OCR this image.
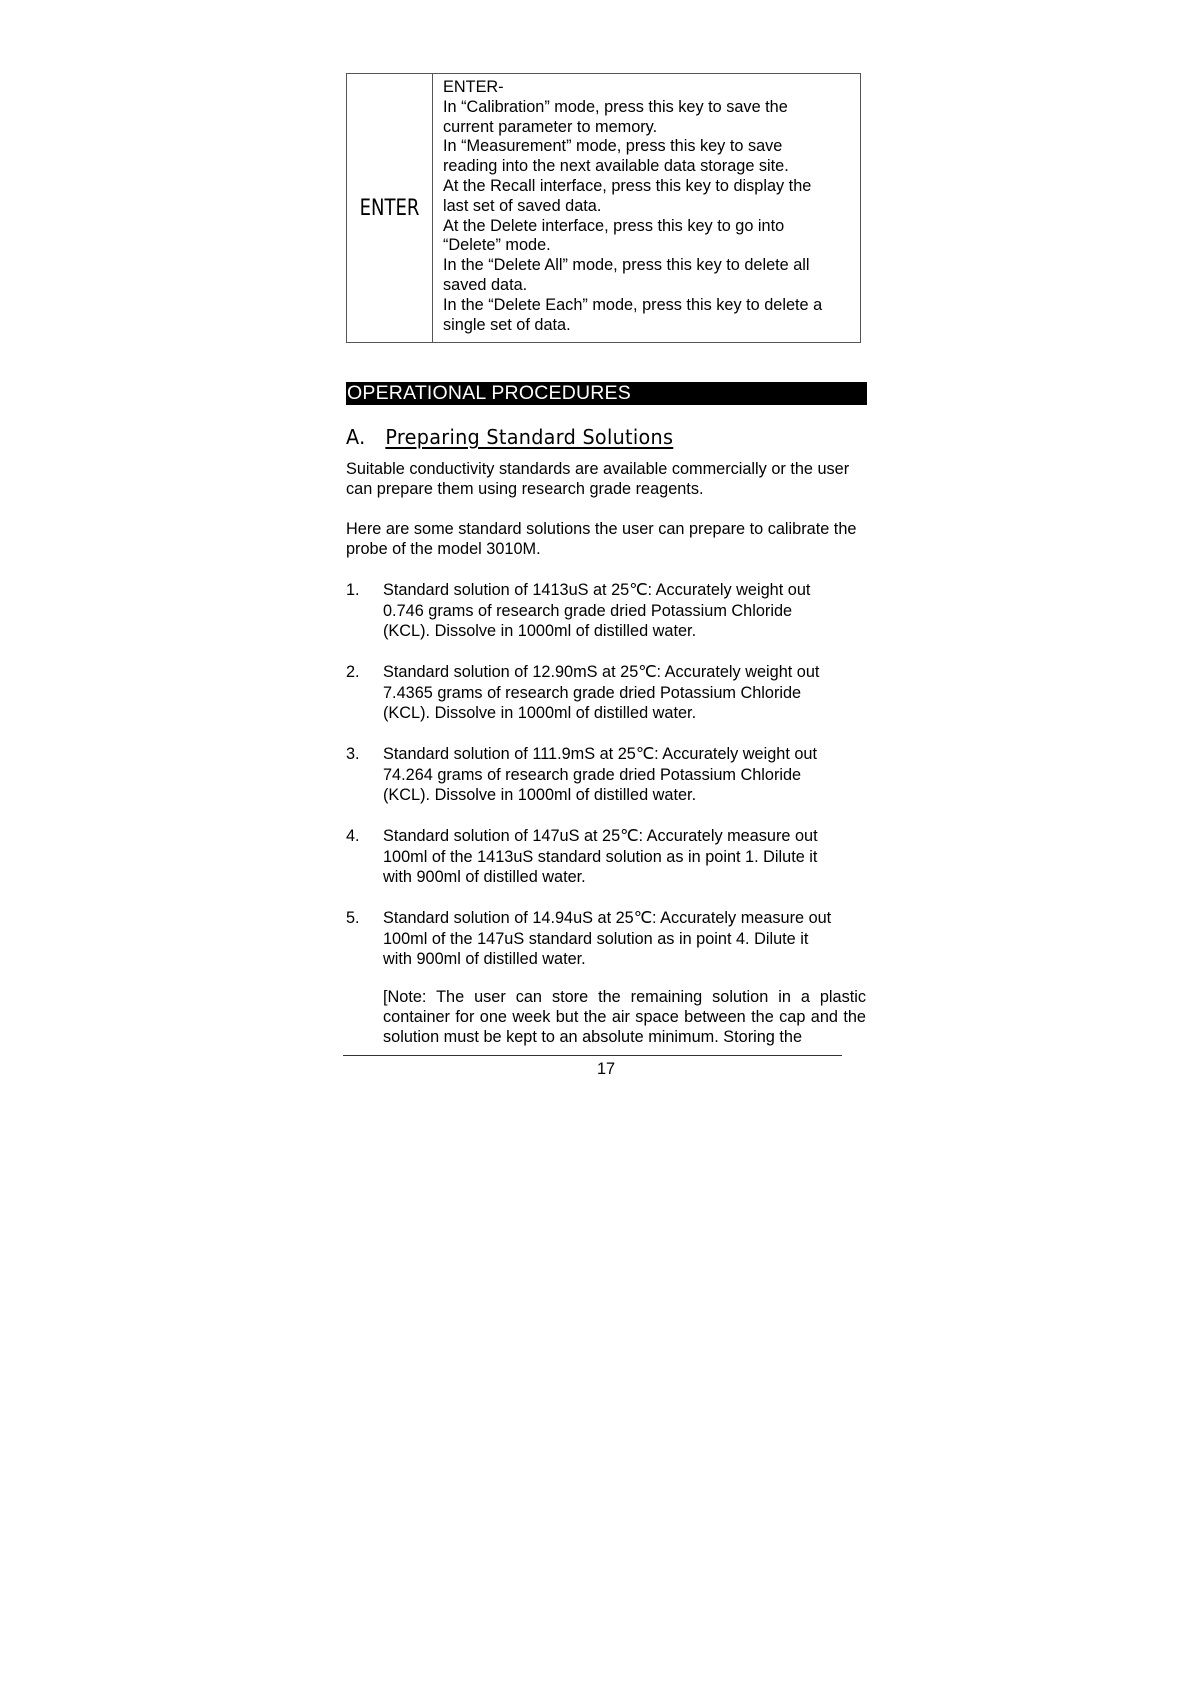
ENTER
ENTER-
In “Calibration” mode, press this key to save the
current parameter to memory.
In “Measurement” mode, press this key to save
reading into the next available data storage site.
At the Recall interface, press this key to display the
last set of saved data.
At the Delete interface, press this key to go into
“Delete” mode.
In the “Delete All” mode, press this key to delete all
saved data.
In the “Delete Each” mode, press this key to delete a
single set of data.
OPERATIONAL PROCEDURES
A. Preparing Standard Solutions
Suitable conductivity standards are available commercially or the user can prepare them using research grade reagents.
Here are some standard solutions the user can prepare to calibrate the probe of the model 3010M.
1. Standard solution of 1413uS at 25℃: Accurately weight out
0.746 grams of research grade dried Potassium Chloride
(KCL). Dissolve in 1000ml of distilled water.
2. Standard solution of 12.90mS at 25℃: Accurately weight out
7.4365 grams of research grade dried Potassium Chloride
(KCL). Dissolve in 1000ml of distilled water.
3. Standard solution of 111.9mS at 25℃: Accurately weight out
74.264 grams of research grade dried Potassium Chloride
(KCL). Dissolve in 1000ml of distilled water.
4. Standard solution of 147uS at 25℃: Accurately measure out
100ml of the 1413uS standard solution as in point 1. Dilute it
with 900ml of distilled water.
5. Standard solution of 14.94uS at 25℃: Accurately measure out
100ml of the 147uS standard solution as in point 4. Dilute it
with 900ml of distilled water.
[Note: The user can store the remaining solution in a plastic container for one week but the air space between the cap and the solution must be kept to an absolute minimum. Storing the
17
